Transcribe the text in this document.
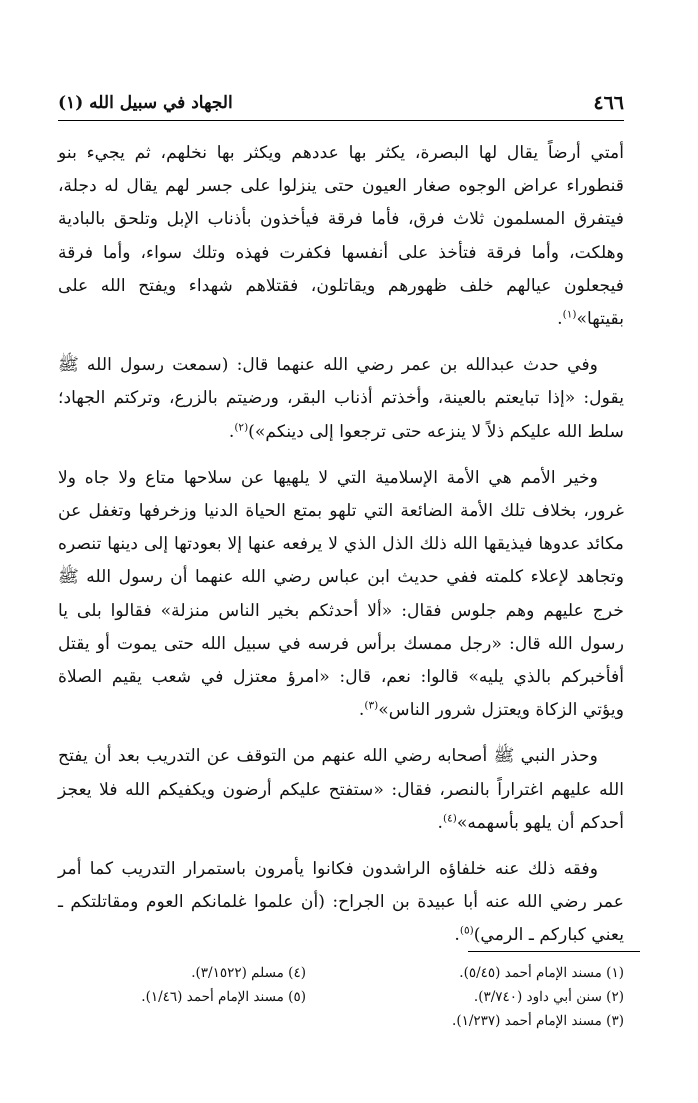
٤٦٦
الجهاد في سبيل الله (١)

أمتي أرضاً يقال لها البصرة، يكثر بها عددهم ويكثر بها نخلهم، ثم يجيء بنو قنطوراء عراض الوجوه صغار العيون حتى ينزلوا على جسر لهم يقال له دجلة، فيتفرق المسلمون ثلاث فرق، فأما فرقة فيأخذون بأذناب الإبل وتلحق بالبادية وهلكت، وأما فرقة فتأخذ على أنفسها فكفرت فهذه وتلك سواء، وأما فرقة فيجعلون عيالهم خلف ظهورهم ويقاتلون، فقتلاهم شهداء ويفتح الله على بقيتها»$^{(١)}$.

وفي حدث عبدالله بن عمر رضي الله عنهما قال: (سمعت رسول الله ﷺ يقول: «إذا تبايعتم بالعينة، وأخذتم أذناب البقر، ورضيتم بالزرع، وتركتم الجهاد؛ سلط الله عليكم ذلاً لا ينزعه حتى ترجعوا إلى دينكم»)$^{(٢)}$.

وخير الأمم هي الأمة الإسلامية التي لا يلهيها عن سلاحها متاع ولا جاه ولا غرور، بخلاف تلك الأمة الضائعة التي تلهو بمتع الحياة الدنيا وزخرفها وتغفل عن مكائد عدوها فيذيقها الله ذلك الذل الذي لا يرفعه عنها إلا بعودتها إلى دينها تنصره وتجاهد لإعلاء كلمته ففي حديث ابن عباس رضي الله عنهما أن رسول الله ﷺ خرج عليهم وهم جلوس فقال: «ألا أحدثكم بخير الناس منزلة» فقالوا بلى يا رسول الله قال: «رجل ممسك برأس فرسه في سبيل الله حتى يموت أو يقتل أفأخبركم بالذي يليه» قالوا: نعم، قال: «امرؤ معتزل في شعب يقيم الصلاة ويؤتي الزكاة ويعتزل شرور الناس»$^{(٣)}$.

وحذر النبي ﷺ أصحابه رضي الله عنهم من التوقف عن التدريب بعد أن يفتح الله عليهم اغتراراً بالنصر، فقال: «ستفتح عليكم أرضون ويكفيكم الله فلا يعجز أحدكم أن يلهو بأسهمه»$^{(٤)}$.

وفقه ذلك عنه خلفاؤه الراشدون فكانوا يأمرون باستمرار التدريب كما أمر عمر رضي الله عنه أبا عبيدة بن الجراح: (أن علموا غلمانكم العوم ومقاتلتكم ـ يعني كباركم ـ الرمي)$^{(٥)}$.

(١) مسند الإمام أحمد (٥/٤٥).
(٢) سنن أبي داود (٣/٧٤٠).
(٣) مسند الإمام أحمد (١/٢٣٧).
(٤) مسلم (٣/١٥٢٢).
(٥) مسند الإمام أحمد (١/٤٦).
